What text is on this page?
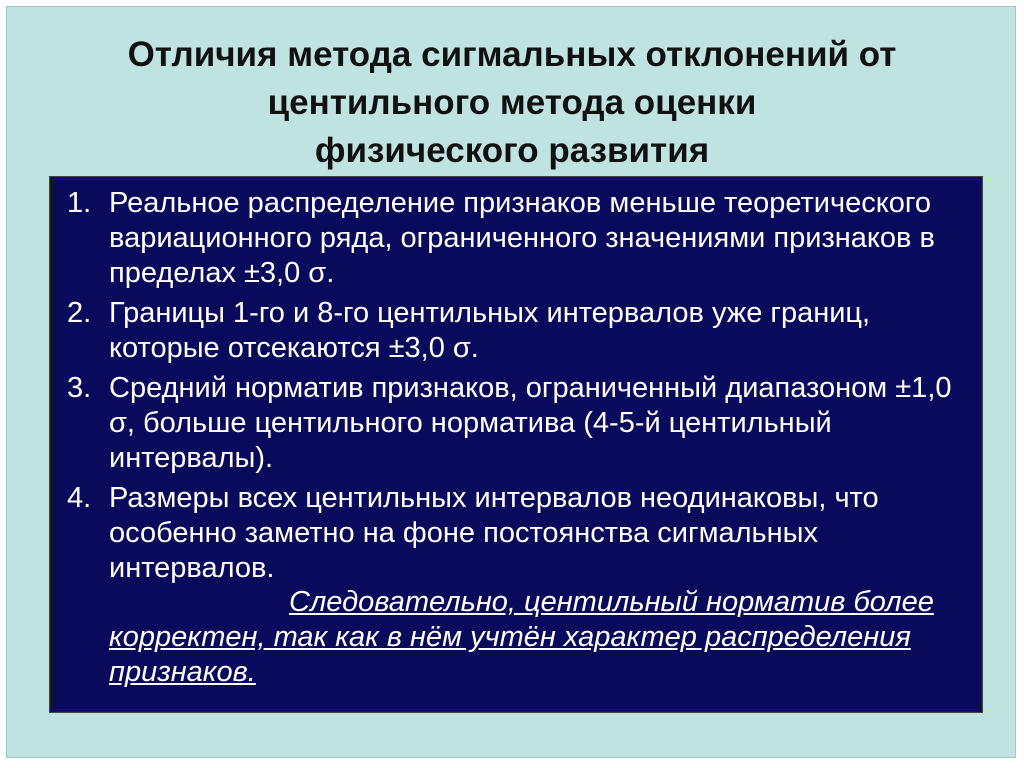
Отличия метода сигмальных отклонений от
центильного метода оценки
физического развития
1. Реальное распределение признаков меньше теоретического вариационного ряда, ограниченного значениями признаков в пределах ±3,0 σ.
2. Границы 1-го и 8-го центильных интервалов уже границ, которые отсекаются ±3,0 σ.
3. Средний норматив признаков, ограниченный диапазоном ±1,0 σ, больше центильного норматива (4-5-й центильный интервалы).
4. Размеры всех центильных интервалов неодинаковы, что особенно заметно на фоне постоянства сигмальных интервалов.
Следовательно, центильный норматив более корректен, так как в нём учтён характер распределения признаков.
